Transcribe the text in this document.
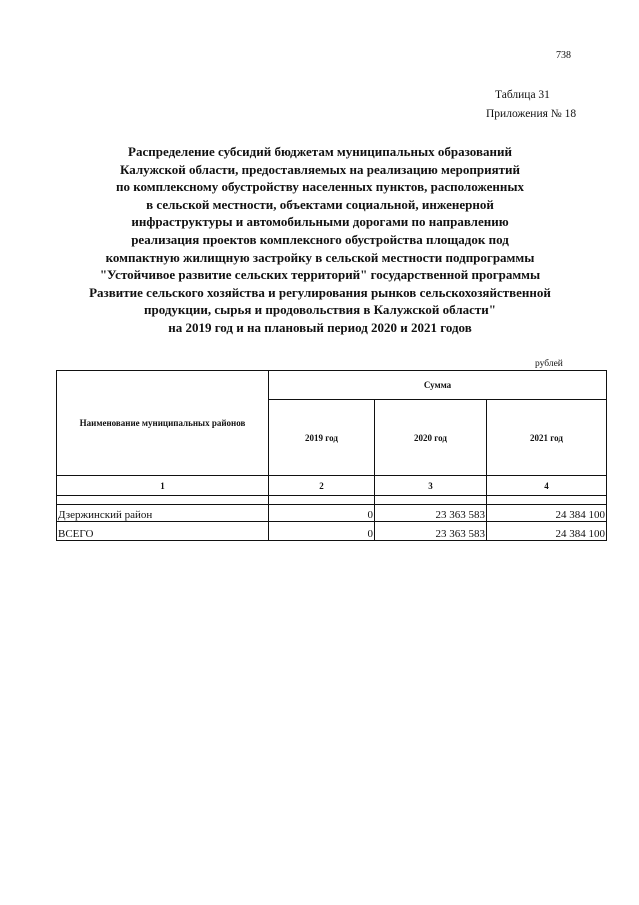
738
Таблица 31
Приложения № 18
Распределение субсидий бюджетам муниципальных образований
Калужской области, предоставляемых на реализацию мероприятий
по комплексному обустройству населенных пунктов, расположенных
в сельской местности, объектами социальной, инженерной
инфраструктуры и автомобильными дорогами по направлению
реализация проектов комплексного обустройства площадок под
компактную жилищную застройку в сельской местности подпрограммы
"Устойчивое развитие сельских территорий" государственной программы
Развитие сельского хозяйства и регулирования рынков сельскохозяйственной
продукции, сырья и продовольствия в Калужской области"
на 2019 год и на плановый период 2020 и 2021 годов
рублей
Наименование муниципальных районов	Сумма		
	2019 год	2020 год	2021 год
1	2	3	4

Дзержинский район	0	23 363 583	24 384 100
ВСЕГО	0	23 363 583	24 384 100
